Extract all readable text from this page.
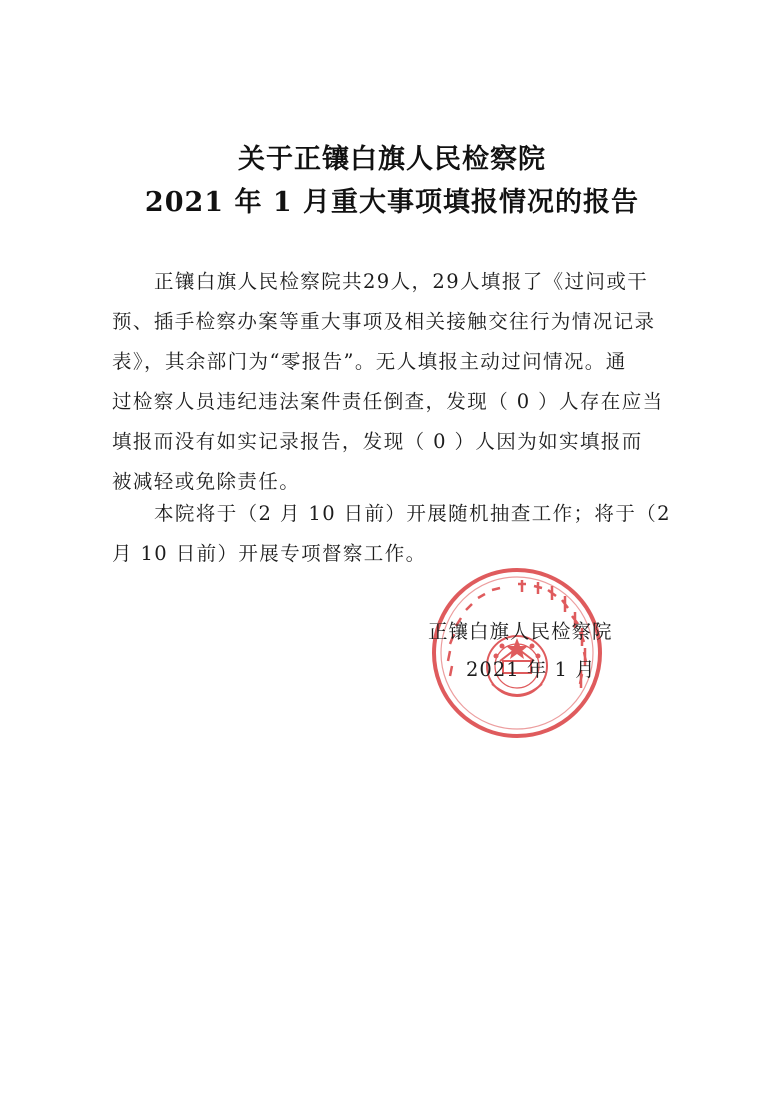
关于正镶白旗人民检察院
2021 年 1 月重大事项填报情况的报告
正镶白旗人民检察院共29人，29人填报了《过问或干
预、插手检察办案等重大事项及相关接触交往行为情况记录
表》，其余部门为“零报告”。无人填报主动过问情况。通
过检察人员违纪违法案件责任倒查，发现（ 0 ）人存在应当
填报而没有如实记录报告，发现（ 0 ）人因为如实填报而
被减轻或免除责任。
本院将于（2 月 10 日前）开展随机抽查工作；将于（2
月 10 日前）开展专项督察工作。
正镶白旗人民检察院
2021 年 1 月
